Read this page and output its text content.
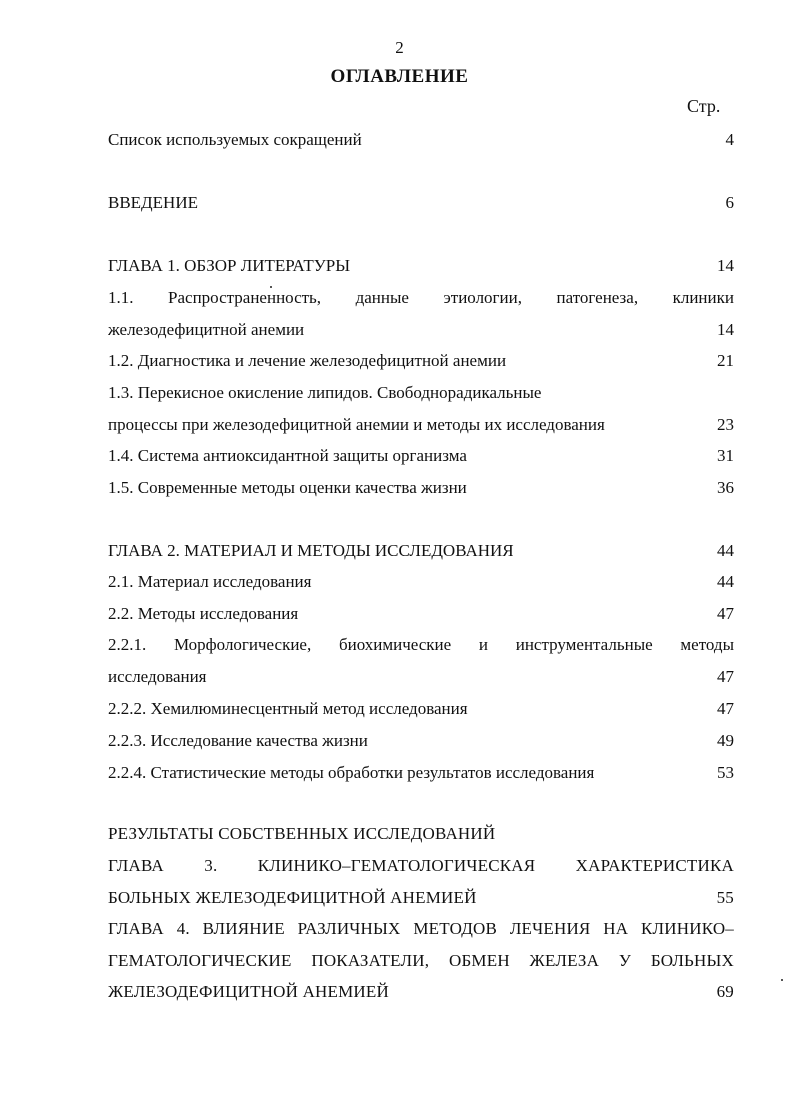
2
ОГЛАВЛЕНИЕ
Стр.
Список используемых сокращений	4
ВВЕДЕНИЕ	6
ГЛАВА 1. ОБЗОР ЛИТЕРАТУРЫ	14
1.1. Распространенность, данные этиологии, патогенеза, клиники
железодефицитной анемии	14
1.2. Диагностика и лечение железодефицитной анемии	21
1.3. Перекисное окисление липидов. Свободнорадикальные
процессы при железодефицитной анемии и методы их исследования	23
1.4. Система антиоксидантной защиты организма	31
1.5. Современные методы оценки качества жизни	36
ГЛАВА 2. МАТЕРИАЛ И МЕТОДЫ ИССЛЕДОВАНИЯ	44
2.1. Материал исследования	44
2.2. Методы исследования	47
2.2.1. Морфологические, биохимические и инструментальные методы
исследования	47
2.2.2. Хемилюминесцентный метод исследования	47
2.2.3. Исследование качества жизни	49
2.2.4. Статистические методы обработки результатов исследования	53
РЕЗУЛЬТАТЫ СОБСТВЕННЫХ ИССЛЕДОВАНИЙ
ГЛАВА 3. КЛИНИКО–ГЕМАТОЛОГИЧЕСКАЯ ХАРАКТЕРИСТИКА
БОЛЬНЫХ ЖЕЛЕЗОДЕФИЦИТНОЙ АНЕМИЕЙ	55
ГЛАВА 4. ВЛИЯНИЕ РАЗЛИЧНЫХ МЕТОДОВ ЛЕЧЕНИЯ НА КЛИНИКО–
ГЕМАТОЛОГИЧЕСКИЕ ПОКАЗАТЕЛИ, ОБМЕН ЖЕЛЕЗА У БОЛЬНЫХ
ЖЕЛЕЗОДЕФИЦИТНОЙ АНЕМИЕЙ	69
